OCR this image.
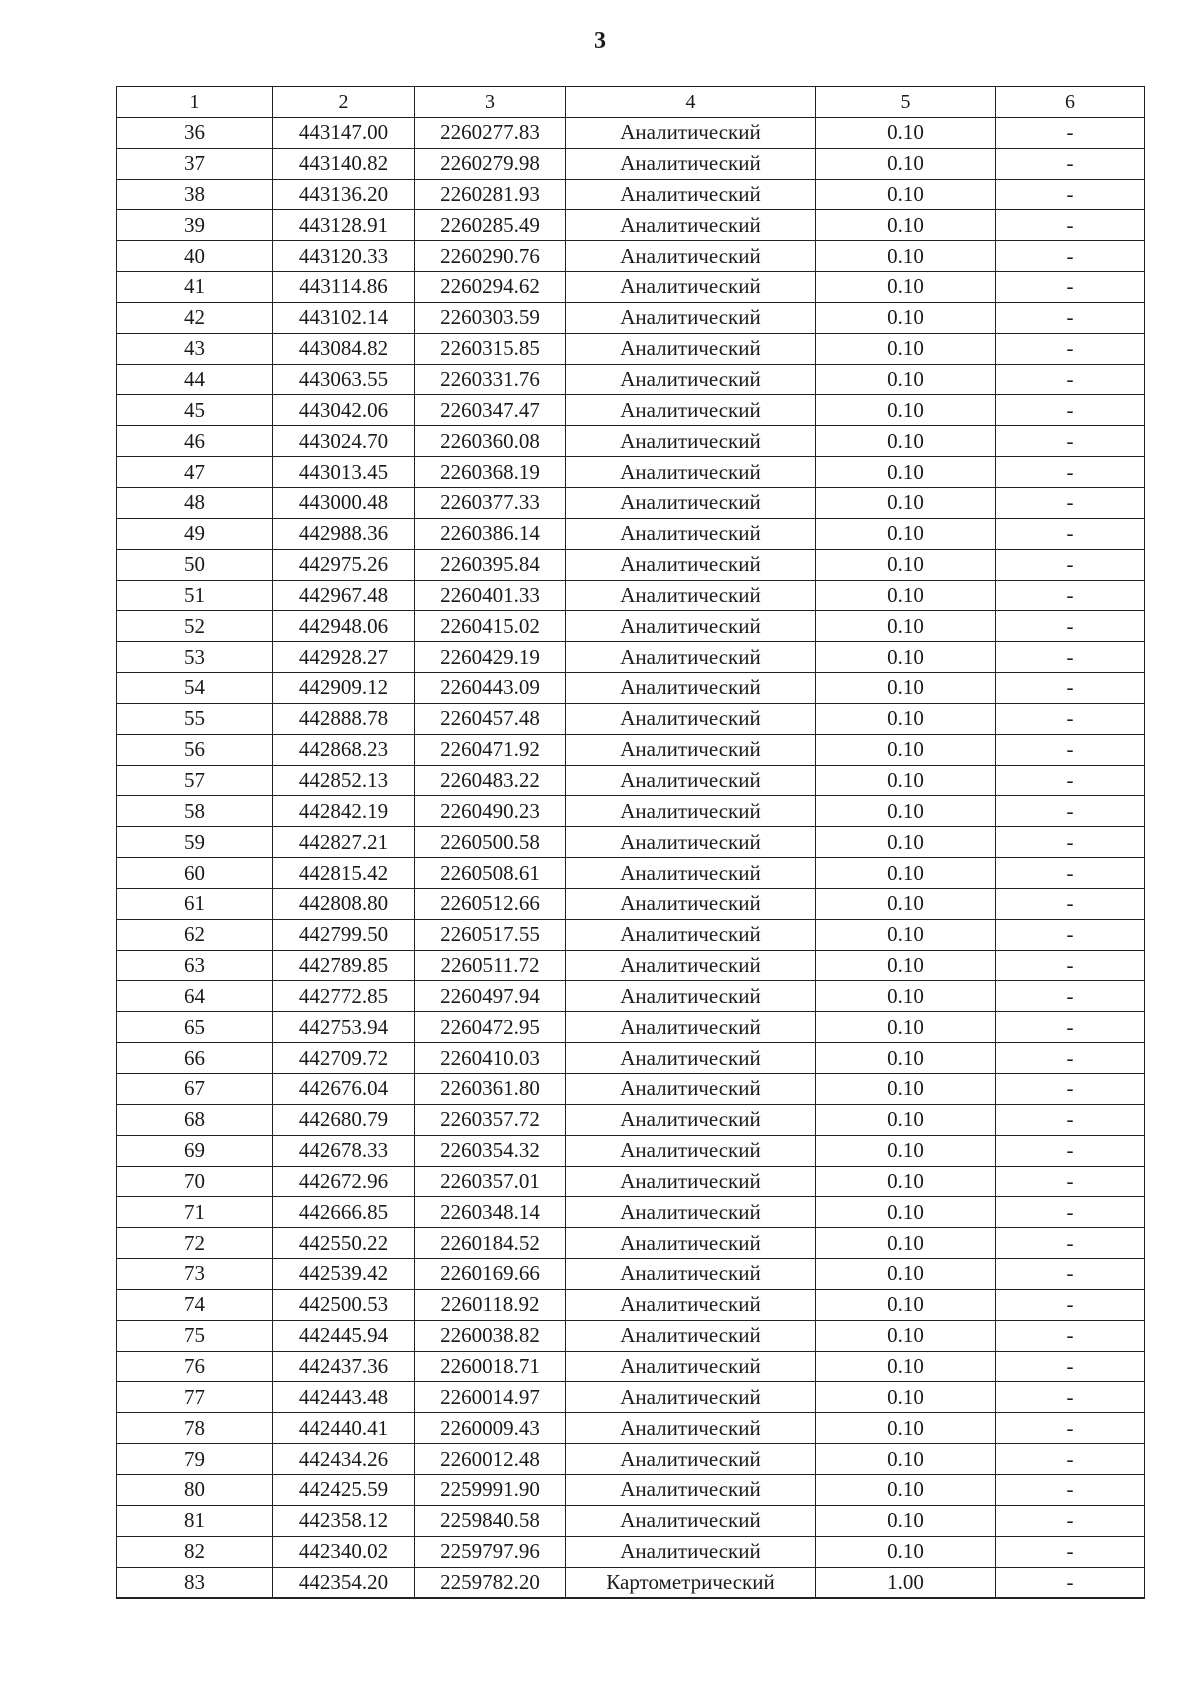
3
1	2	3	4	5	6
36	443147.00	2260277.83	Аналитический	0.10	-
37	443140.82	2260279.98	Аналитический	0.10	-
38	443136.20	2260281.93	Аналитический	0.10	-
39	443128.91	2260285.49	Аналитический	0.10	-
40	443120.33	2260290.76	Аналитический	0.10	-
41	443114.86	2260294.62	Аналитический	0.10	-
42	443102.14	2260303.59	Аналитический	0.10	-
43	443084.82	2260315.85	Аналитический	0.10	-
44	443063.55	2260331.76	Аналитический	0.10	-
45	443042.06	2260347.47	Аналитический	0.10	-
46	443024.70	2260360.08	Аналитический	0.10	-
47	443013.45	2260368.19	Аналитический	0.10	-
48	443000.48	2260377.33	Аналитический	0.10	-
49	442988.36	2260386.14	Аналитический	0.10	-
50	442975.26	2260395.84	Аналитический	0.10	-
51	442967.48	2260401.33	Аналитический	0.10	-
52	442948.06	2260415.02	Аналитический	0.10	-
53	442928.27	2260429.19	Аналитический	0.10	-
54	442909.12	2260443.09	Аналитический	0.10	-
55	442888.78	2260457.48	Аналитический	0.10	-
56	442868.23	2260471.92	Аналитический	0.10	-
57	442852.13	2260483.22	Аналитический	0.10	-
58	442842.19	2260490.23	Аналитический	0.10	-
59	442827.21	2260500.58	Аналитический	0.10	-
60	442815.42	2260508.61	Аналитический	0.10	-
61	442808.80	2260512.66	Аналитический	0.10	-
62	442799.50	2260517.55	Аналитический	0.10	-
63	442789.85	2260511.72	Аналитический	0.10	-
64	442772.85	2260497.94	Аналитический	0.10	-
65	442753.94	2260472.95	Аналитический	0.10	-
66	442709.72	2260410.03	Аналитический	0.10	-
67	442676.04	2260361.80	Аналитический	0.10	-
68	442680.79	2260357.72	Аналитический	0.10	-
69	442678.33	2260354.32	Аналитический	0.10	-
70	442672.96	2260357.01	Аналитический	0.10	-
71	442666.85	2260348.14	Аналитический	0.10	-
72	442550.22	2260184.52	Аналитический	0.10	-
73	442539.42	2260169.66	Аналитический	0.10	-
74	442500.53	2260118.92	Аналитический	0.10	-
75	442445.94	2260038.82	Аналитический	0.10	-
76	442437.36	2260018.71	Аналитический	0.10	-
77	442443.48	2260014.97	Аналитический	0.10	-
78	442440.41	2260009.43	Аналитический	0.10	-
79	442434.26	2260012.48	Аналитический	0.10	-
80	442425.59	2259991.90	Аналитический	0.10	-
81	442358.12	2259840.58	Аналитический	0.10	-
82	442340.02	2259797.96	Аналитический	0.10	-
83	442354.20	2259782.20	Картометрический	1.00	-
